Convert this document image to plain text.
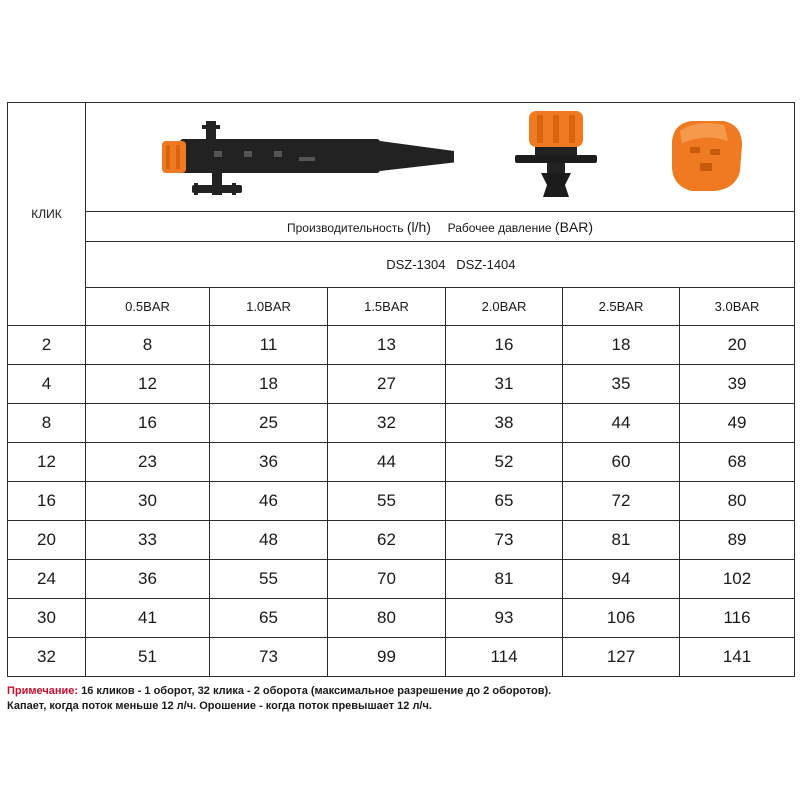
КЛИК	

	Производительность (l/h) Рабочее давление (BAR)					

DSZ-1304   DSZ-1404					

	0.5BAR	1.0BAR	1.5BAR	2.0BAR	2.5BAR	3.0BAR
2	8	11	13	16	18	20
4	12	18	27	31	35	39
8	16	25	32	38	44	49
12	23	36	44	52	60	68
16	30	46	55	65	72	80
20	33	48	62	73	81	89
24	36	55	70	81	94	102
30	41	65	80	93	106	116
32	51	73	99	114	127	141
Примечание: 16 кликов - 1 оборот, 32 клика - 2 оборота (максимальное разрешение до 2 оборотов).
Капает, когда поток меньше 12 л/ч. Орошение - когда поток превышает 12 л/ч.
